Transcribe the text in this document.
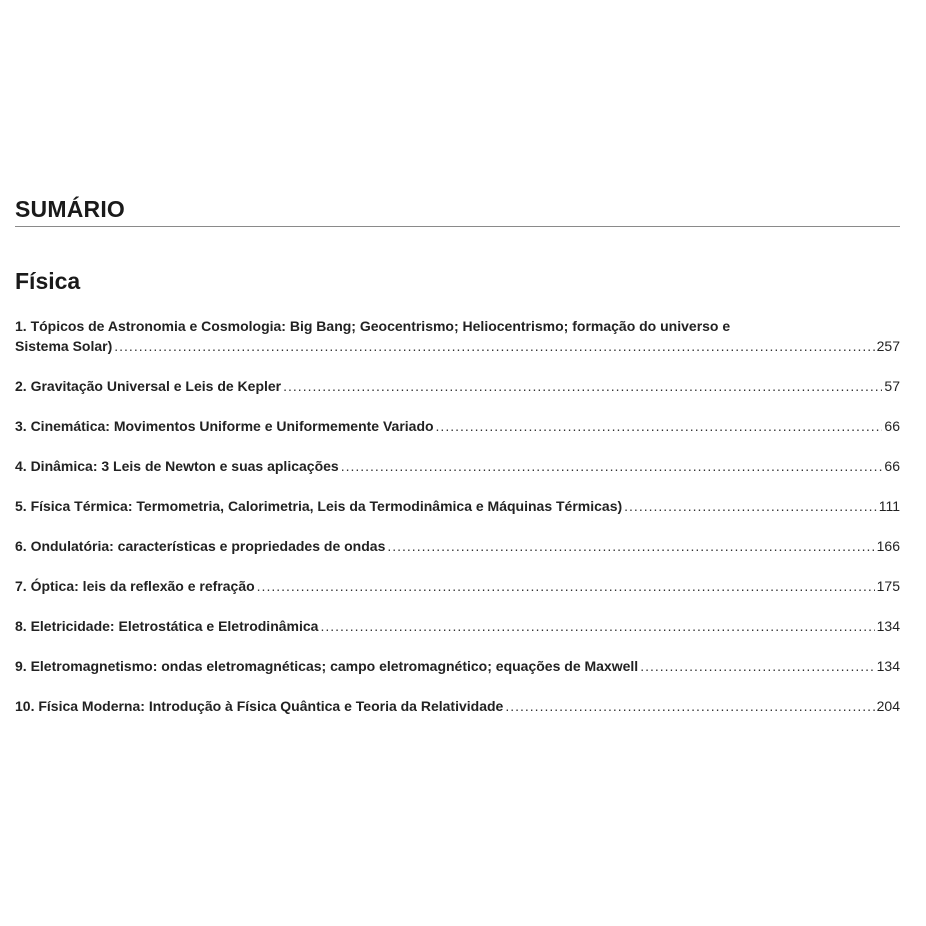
SUMÁRIO
Física
1. Tópicos de Astronomia e Cosmologia: Big Bang; Geocentrismo; Heliocentrismo; formação do universo e
Sistema Solar) .....	257
2. Gravitação Universal e Leis de Kepler .....	57
3. Cinemática: Movimentos Uniforme e Uniformemente Variado .....	66
4. Dinâmica: 3 Leis de Newton e suas aplicações .....	66
5. Física Térmica: Termometria, Calorimetria, Leis da Termodinâmica e Máquinas Térmicas) .....	111
6. Ondulatória: características e propriedades de ondas .....	166
7. Óptica: leis da reflexão e refração .....	175
8. Eletricidade: Eletrostática e Eletrodinâmica .....	134
9. Eletromagnetismo: ondas eletromagnéticas; campo eletromagnético; equações de Maxwell .....	134
10. Física Moderna: Introdução à Física Quântica e Teoria da Relatividade .....	204
